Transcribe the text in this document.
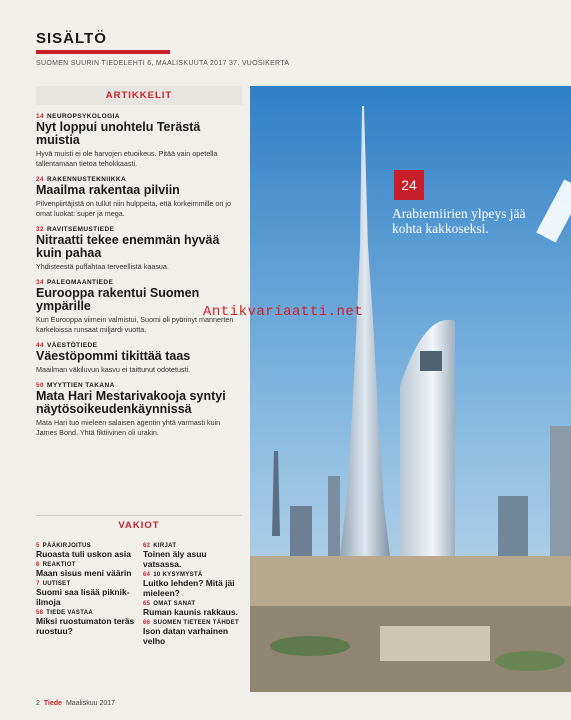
SISÄLTÖ
SUOMEN SUURIN TIEDELEHTI 6, MAALISKUUTA 2017 37. VUOSIKERTA
ARTIKKELIT
14 NEUROPSYKOLOGIA
Nyt loppui unohtelu Terästä muistia
Hyvä muisti ei ole harvojen etuoikeus. Pitää vain opetella tallentamaan tietoa tehokkaasti.
24 RAKENNUSTEKNIIKKA
Maailma rakentaa pilviin
Pilvenpiirtäjistä on tullut niin hulppeita, että korkeimmille on jo omat luokat: super ja mega.
32 RAVITSEMUSTIEDE
Nitraatti tekee enemmän hyvää kuin pahaa
Yhdisteestä puffahtaa terveellistä kaasua.
34 PALEOMAANTIEDE
Eurooppa rakentui Suomen ympärille
Kun Eurooppa viimein valmistui, Suomi oli pyörinyt mannerten karkeloissa runsaat miljardi vuotta.
44 VÄESTÖTIEDE
Väestöpommi tikittää taas
Maailman väkiluvun kasvu ei taittunut odotetusti.
50 MYYTTIEN TAKANA
Mata Hari Mestarivakooja syntyi näytösoikeudenkäynnissä
Mata Hari tuo mieleen salaisen agentin yhtä varmasti kuin James Bond. Yhtä fiktiivinen oli urakin.
VAKIOT
5 PÄÄKIRJOITUS
Ruoasta tuli uskon asia
6 REAKTIOT
Maan sisus meni väärin
7 UUTISET
Suomi saa lisää piknik-ilmoja
58 TIEDE VASTAA
Miksi ruostumaton teräs ruostuu?
62 KIRJAT
Toinen äly asuu vatsassa.
64 10 KYSYMYSTÄ
Luitko lehden? Mitä jäi mieleen?
65 OMAT SANAT
Ruman kaunis rakkaus.
66 SUOMEN TIETEEN TÄHDET
Ison datan varhainen velho
2 Tiede Maaliskuu 2017
24
Arabiemiirien ylpeys jää kohta kakkoseksi.
Antikvariaatti.net
